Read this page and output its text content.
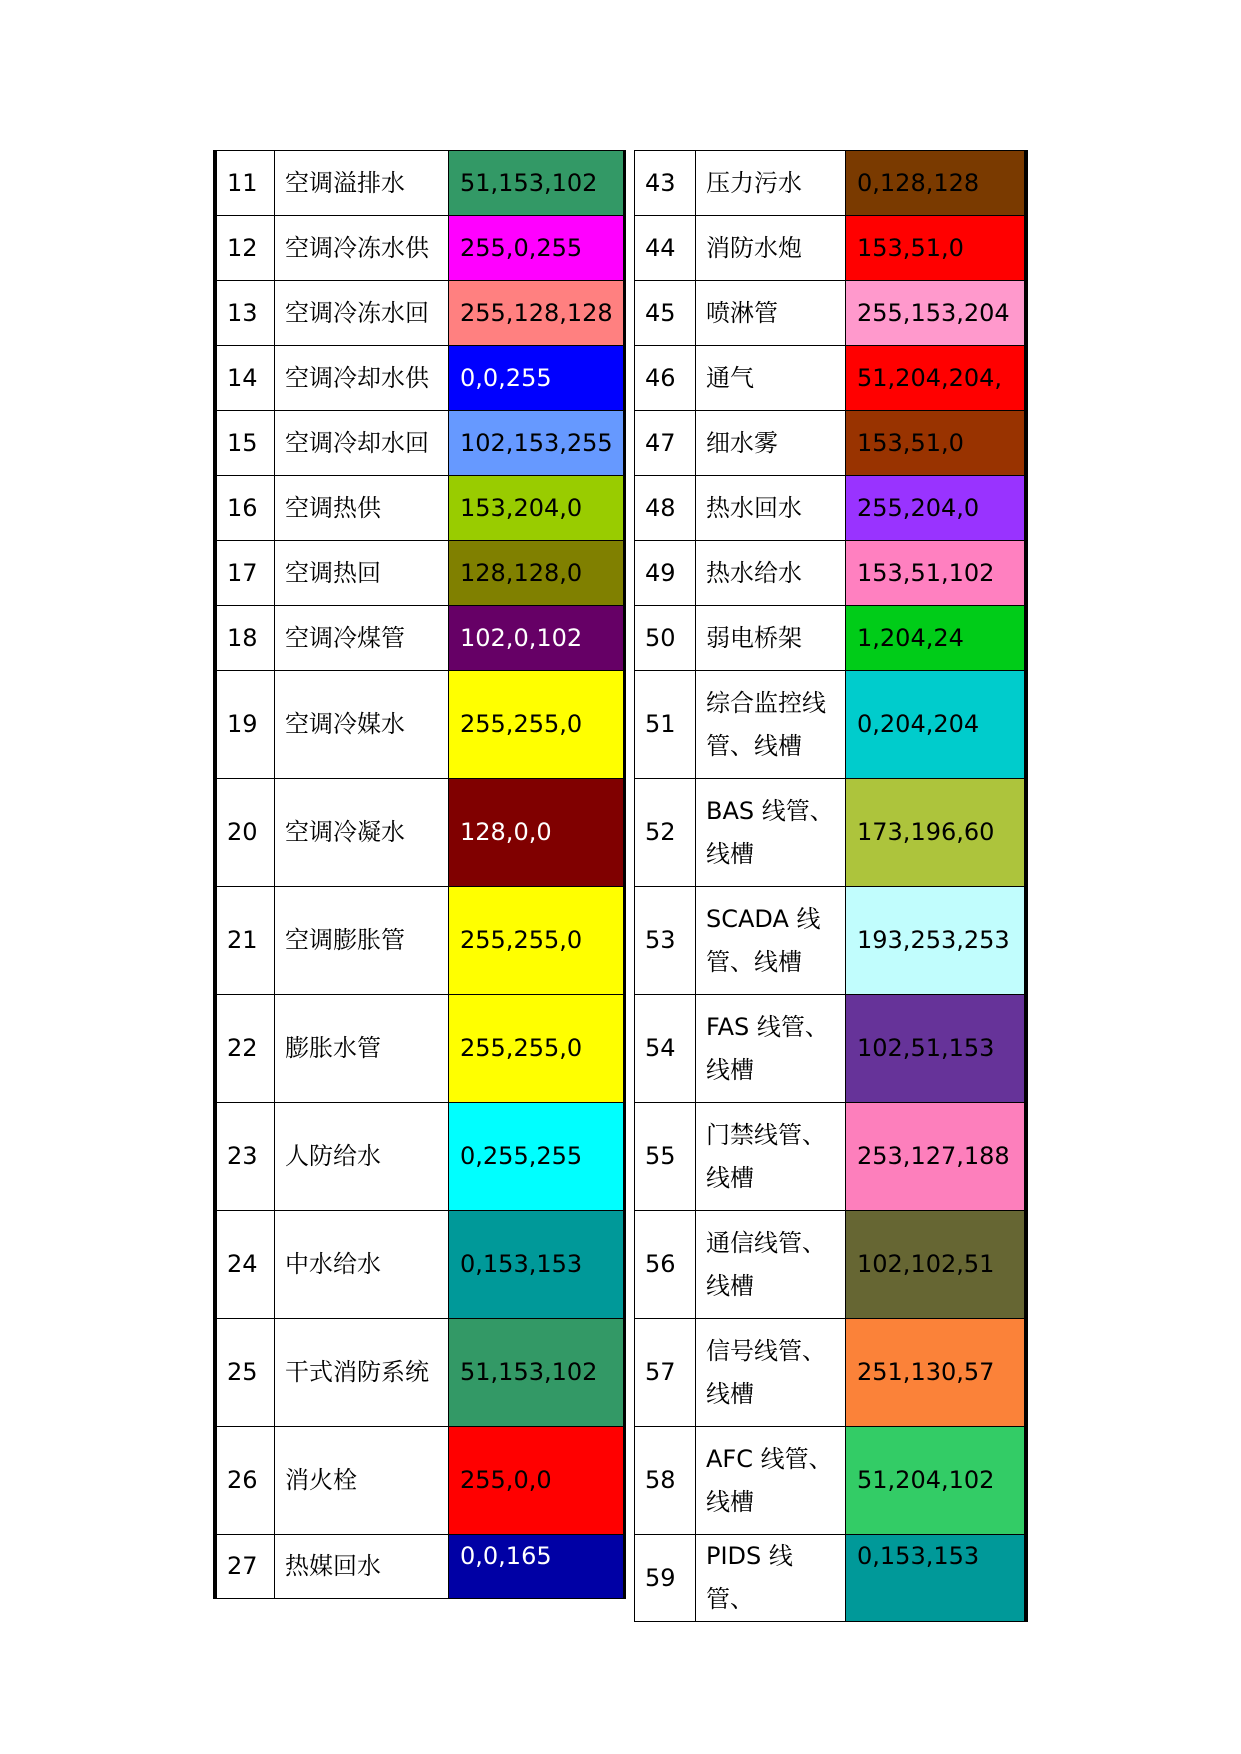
11	空调溢排水	51,153,102
12	空调冷冻水供	255,0,255
13	空调冷冻水回	255,128,128
14	空调冷却水供	0,0,255
15	空调冷却水回	102,153,255
16	空调热供	153,204,0
17	空调热回	128,128,0
18	空调冷煤管	102,0,102
19	空调冷媒水	255,255,0
20	空调冷凝水	128,0,0
21	空调膨胀管	255,255,0
22	膨胀水管	255,255,0
23	人防给水	0,255,255
24	中水给水	0,153,153
25	干式消防系统	51,153,102
26	消火栓	255,0,0
27	热媒回水	0,0,165
43	压力污水	0,128,128
44	消防水炮	153,51,0
45	喷淋管	255,153,204
46	通气	51,204,204,
47	细水雾	153,51,0
48	热水回水	255,204,0
49	热水给水	153,51,102
50	弱电桥架	1,204,24
51	综合监控线管、线槽	0,204,204
52	BAS 线管、线槽	173,196,60
53	SCADA 线管、线槽	193,253,253
54	FAS 线管、线槽	102,51,153
55	门禁线管、线槽	253,127,188
56	通信线管、线槽	102,102,51
57	信号线管、线槽	251,130,57
58	AFC 线管、线槽	51,204,102
59	PIDS 线管、	0,153,153
